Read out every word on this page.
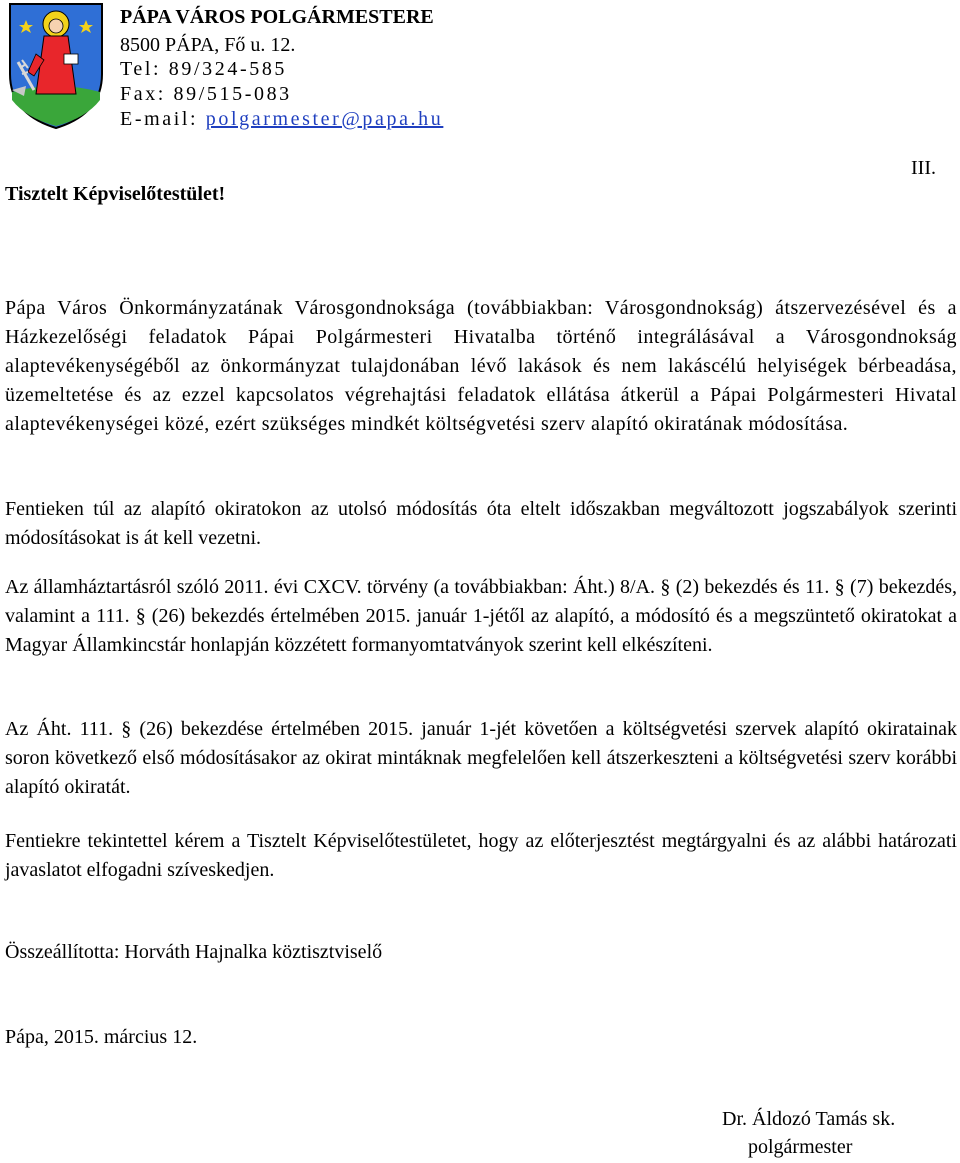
PÁPA VÁROS POLGÁRMESTERE
8500 PÁPA, Fő u. 12.
Tel: 89/324-585
Fax: 89/515-083
E-mail: polgarmester@papa.hu
III.
Tisztelt Képviselőtestület!

Pápa Város Önkormányzatának Városgondnoksága (továbbiakban: Városgondnokság) átszervezésével és a Házkezelőségi feladatok Pápai Polgármesteri Hivatalba történő integrálásával a Városgondnokság alaptevékenységéből az önkormányzat tulajdonában lévő lakások és nem lakáscélú helyiségek bérbeadása, üzemeltetése és az ezzel kapcsolatos végrehajtási feladatok ellátása átkerül a Pápai Polgármesteri Hivatal alaptevékenységei közé, ezért szükséges mindkét költségvetési szerv alapító okiratának módosítása.

Fentieken túl az alapító okiratokon az utolsó módosítás óta eltelt időszakban megváltozott jogszabályok szerinti módosításokat is át kell vezetni.

Az államháztartásról szóló 2011. évi CXCV. törvény (a továbbiakban: Áht.) 8/A. § (2) bekezdés és 11. § (7) bekezdés, valamint a 111. § (26) bekezdés értelmében 2015. január 1-jétől az alapító, a módosító és a megszüntető okiratokat a Magyar Államkincstár honlapján közzétett formanyomtatványok szerint kell elkészíteni.

Az Áht. 111. § (26) bekezdése értelmében 2015. január 1-jét követően a költségvetési szervek alapító okiratainak soron következő első módosításakor az okirat mintáknak megfelelően kell átszerkeszteni a költségvetési szerv korábbi alapító okiratát.

Fentiekre tekintettel kérem a Tisztelt Képviselőtestületet, hogy az előterjesztést megtárgyalni és az alábbi határozati javaslatot elfogadni szíveskedjen.

Összeállította: Horváth Hajnalka köztisztviselő
Pápa, 2015. március 12.
Dr. Áldozó Tamás sk.
polgármester
